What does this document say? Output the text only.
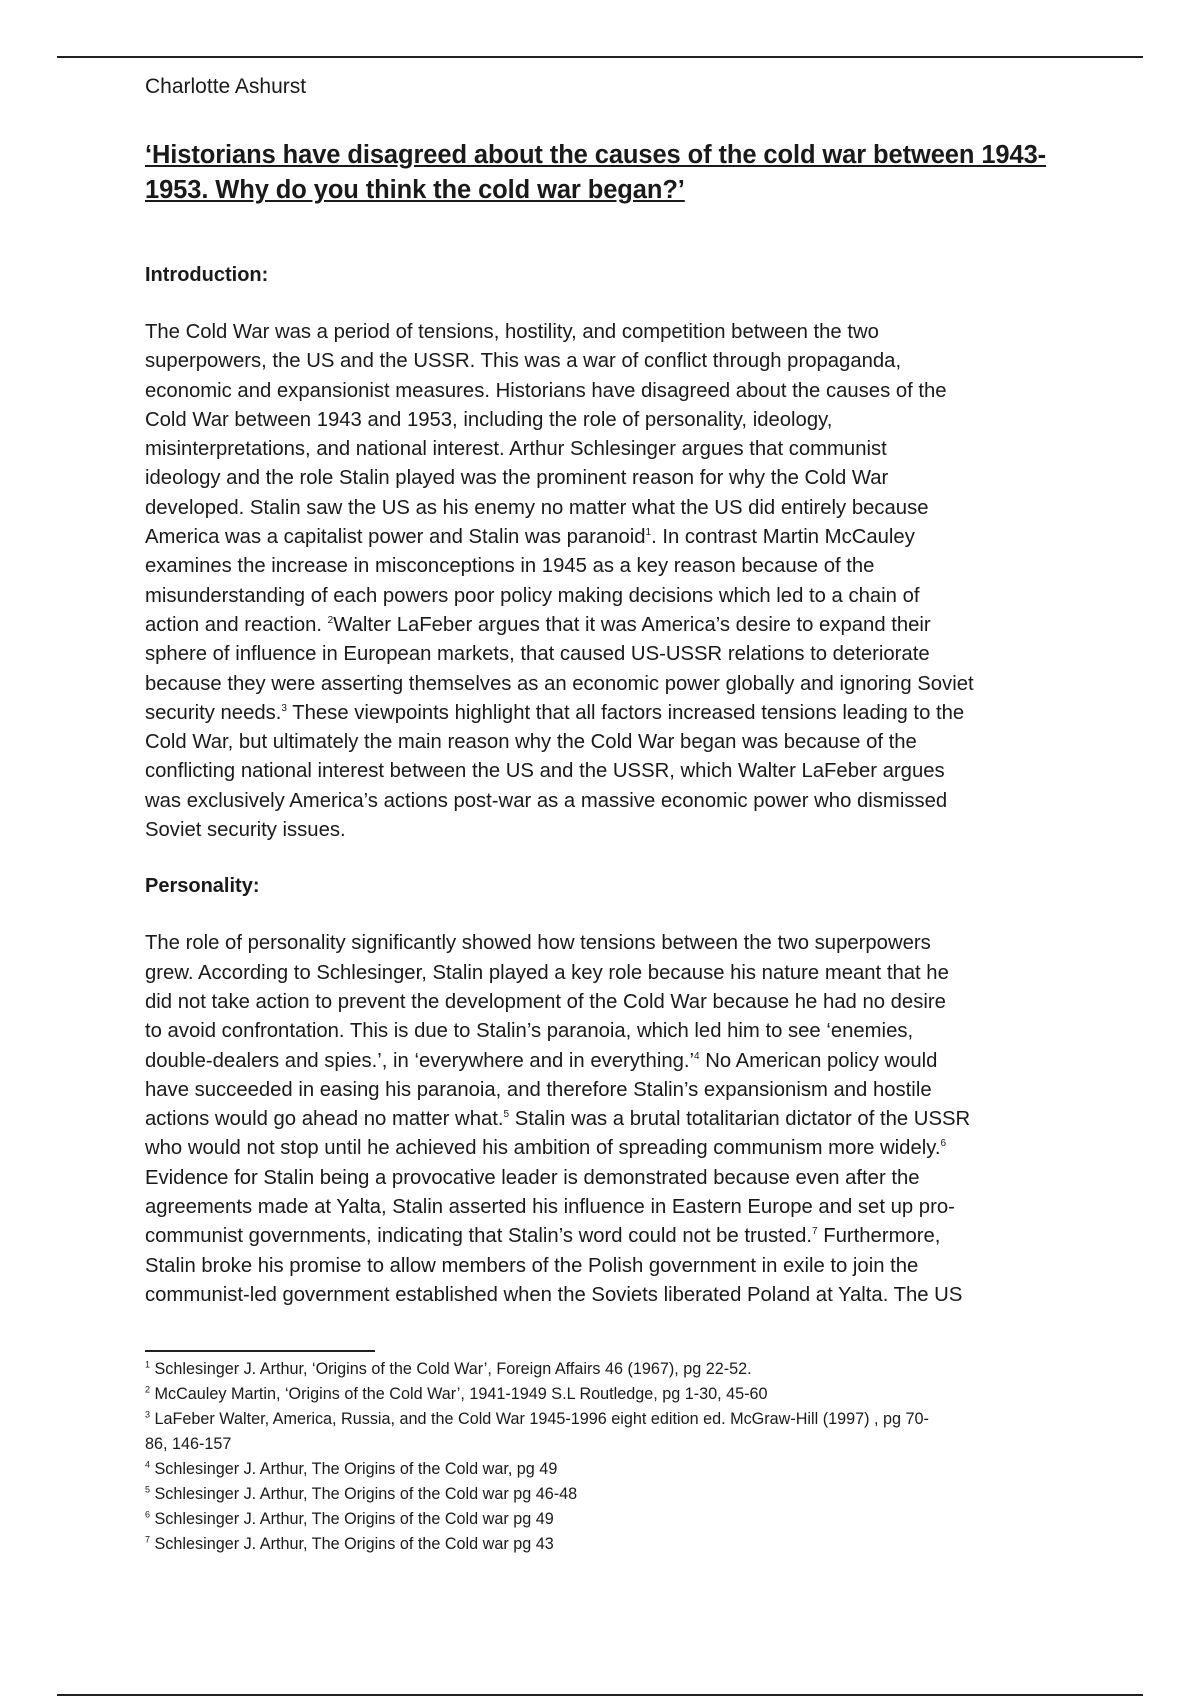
Charlotte Ashurst

‘Historians have disagreed about the causes of the cold war between 1943-
1953. Why do you think the cold war began?’

Introduction:

The Cold War was a period of tensions, hostility, and competition between the two
superpowers, the US and the USSR. This was a war of conflict through propaganda,
economic and expansionist measures. Historians have disagreed about the causes of the
Cold War between 1943 and 1953, including the role of personality, ideology,
misinterpretations, and national interest. Arthur Schlesinger argues that communist
ideology and the role Stalin played was the prominent reason for why the Cold War
developed. Stalin saw the US as his enemy no matter what the US did entirely because
America was a capitalist power and Stalin was paranoid$^1$. In contrast Martin McCauley
examines the increase in misconceptions in 1945 as a key reason because of the
misunderstanding of each powers poor policy making decisions which led to a chain of
action and reaction. $^2$Walter LaFeber argues that it was America’s desire to expand their
sphere of influence in European markets, that caused US-USSR relations to deteriorate
because they were asserting themselves as an economic power globally and ignoring Soviet
security needs.$^3$ These viewpoints highlight that all factors increased tensions leading to the
Cold War, but ultimately the main reason why the Cold War began was because of the
conflicting national interest between the US and the USSR, which Walter LaFeber argues
was exclusively America’s actions post-war as a massive economic power who dismissed
Soviet security issues.

Personality:

The role of personality significantly showed how tensions between the two superpowers
grew. According to Schlesinger, Stalin played a key role because his nature meant that he
did not take action to prevent the development of the Cold War because he had no desire
to avoid confrontation. This is due to Stalin’s paranoia, which led him to see ‘enemies,
double-dealers and spies.’, in ‘everywhere and in everything.’$^4$ No American policy would
have succeeded in easing his paranoia, and therefore Stalin’s expansionism and hostile
actions would go ahead no matter what.$^5$ Stalin was a brutal totalitarian dictator of the USSR
who would not stop until he achieved his ambition of spreading communism more widely.$^6$
Evidence for Stalin being a provocative leader is demonstrated because even after the
agreements made at Yalta, Stalin asserted his influence in Eastern Europe and set up pro-
communist governments, indicating that Stalin’s word could not be trusted.$^7$ Furthermore,
Stalin broke his promise to allow members of the Polish government in exile to join the
communist-led government established when the Soviets liberated Poland at Yalta. The US
$^1$ Schlesinger J. Arthur, ‘Origins of the Cold War’, Foreign Affairs 46 (1967), pg 22-52.
$^2$ McCauley Martin, ‘Origins of the Cold War’, 1941-1949 S.L Routledge, pg 1-30, 45-60
$^3$ LaFeber Walter, America, Russia, and the Cold War 1945-1996 eight edition ed. McGraw-Hill (1997) , pg 70-
86, 146-157
$^4$ Schlesinger J. Arthur, The Origins of the Cold war, pg 49
$^5$ Schlesinger J. Arthur, The Origins of the Cold war pg 46-48
$^6$ Schlesinger J. Arthur, The Origins of the Cold war pg 49
$^7$ Schlesinger J. Arthur, The Origins of the Cold war pg 43
